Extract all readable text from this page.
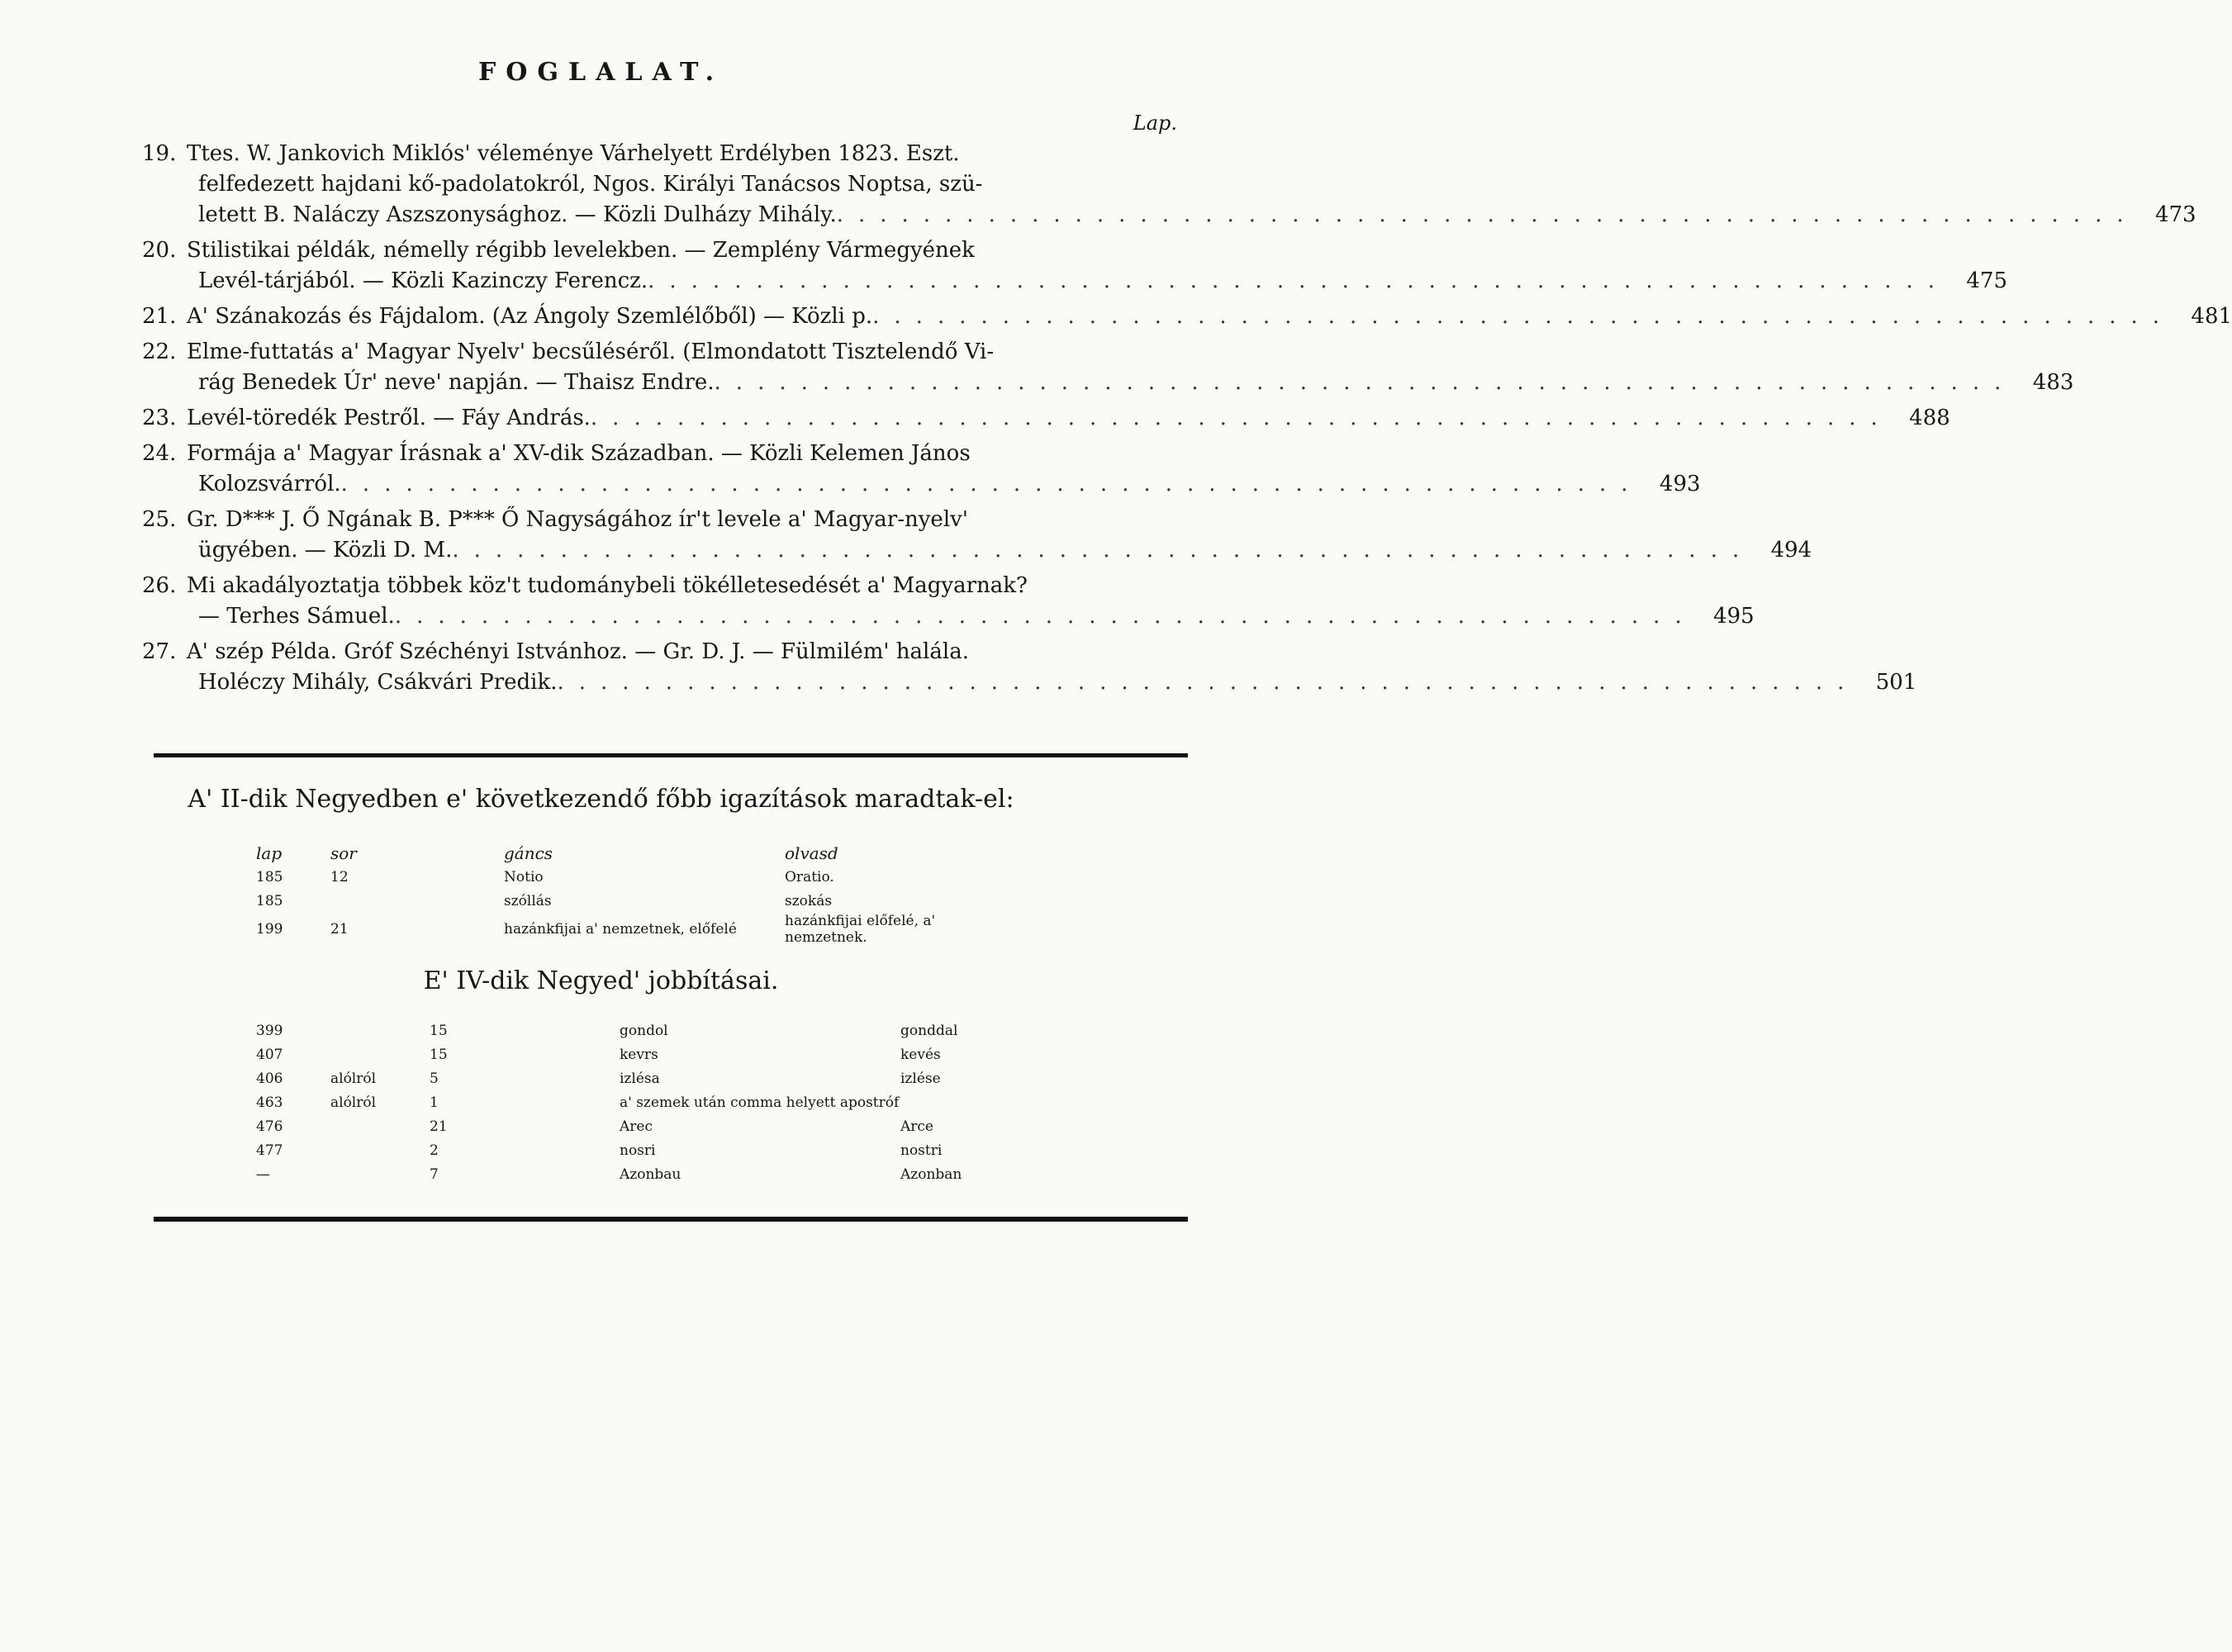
FOGLALAT.
Lap.
19. Ttes. W. Jankovich Miklós' véleménye Várhelyett Erdélyben 1823. Eszt.
felfedezett hajdani kő-padolatokról, Ngos. Királyi Tanácsos Noptsa, szü-
letett B. Naláczy Aszszonysághoz. — Közli Dulházy Mihály. ............................................................ 473
20. Stilistikai példák, némelly régibb levelekben. — Zemplény Vármegyének
Levél-tárjából. — Közli Kazinczy Ferencz. ............................................................ 475
21. A' Szánakozás és Fájdalom. (Az Ángoly Szemlélőből) — Közli p. ............................................................ 481
22. Elme-futtatás a' Magyar Nyelv' becsűléséről. (Elmondatott Tisztelendő Vi-
rág Benedek Úr' neve' napján. — Thaisz Endre. ............................................................ 483
23. Levél-töredék Pestről. — Fáy András. ............................................................ 488
24. Formája a' Magyar Írásnak a' XV-dik Században. — Közli Kelemen János
Kolozsvárról. ............................................................ 493
25. Gr. D*** J. Ő Ngának B. P*** Ő Nagyságához ír't levele a' Magyar-nyelv'
ügyében. — Közli D. M. ............................................................ 494
26. Mi akadályoztatja többek köz't tudománybeli tökélletesedését a' Magyarnak?
— Terhes Sámuel. ............................................................ 495
27. A' szép Példa. Gróf Széchényi Istvánhoz. — Gr. D. J. — Fülmilém' halála.
Holéczy Mihály, Csákvári Predik. ............................................................ 501
A' II-dik Negyedben e' következendő főbb igazítások maradtak-el:
lap	sor	gáncs	olvasd
185	12	Notio	Oratio.
185		szóllás	szokás
199	21	hazánkfijai a' nemzetnek, előfelé	hazánkfijai előfelé, a' nemzetnek.
E' IV-dik Negyed' jobbításai.
399		15	gondol	gonddal
407		15	kevrs	kevés
406	alólról	5	izlésa	izlése
463	alólról	1	a' szemek után comma helyett apostróf	
476		21	Arec	Arce
477		2	nosri	nostri
—		7	Azonbau	Azonban
